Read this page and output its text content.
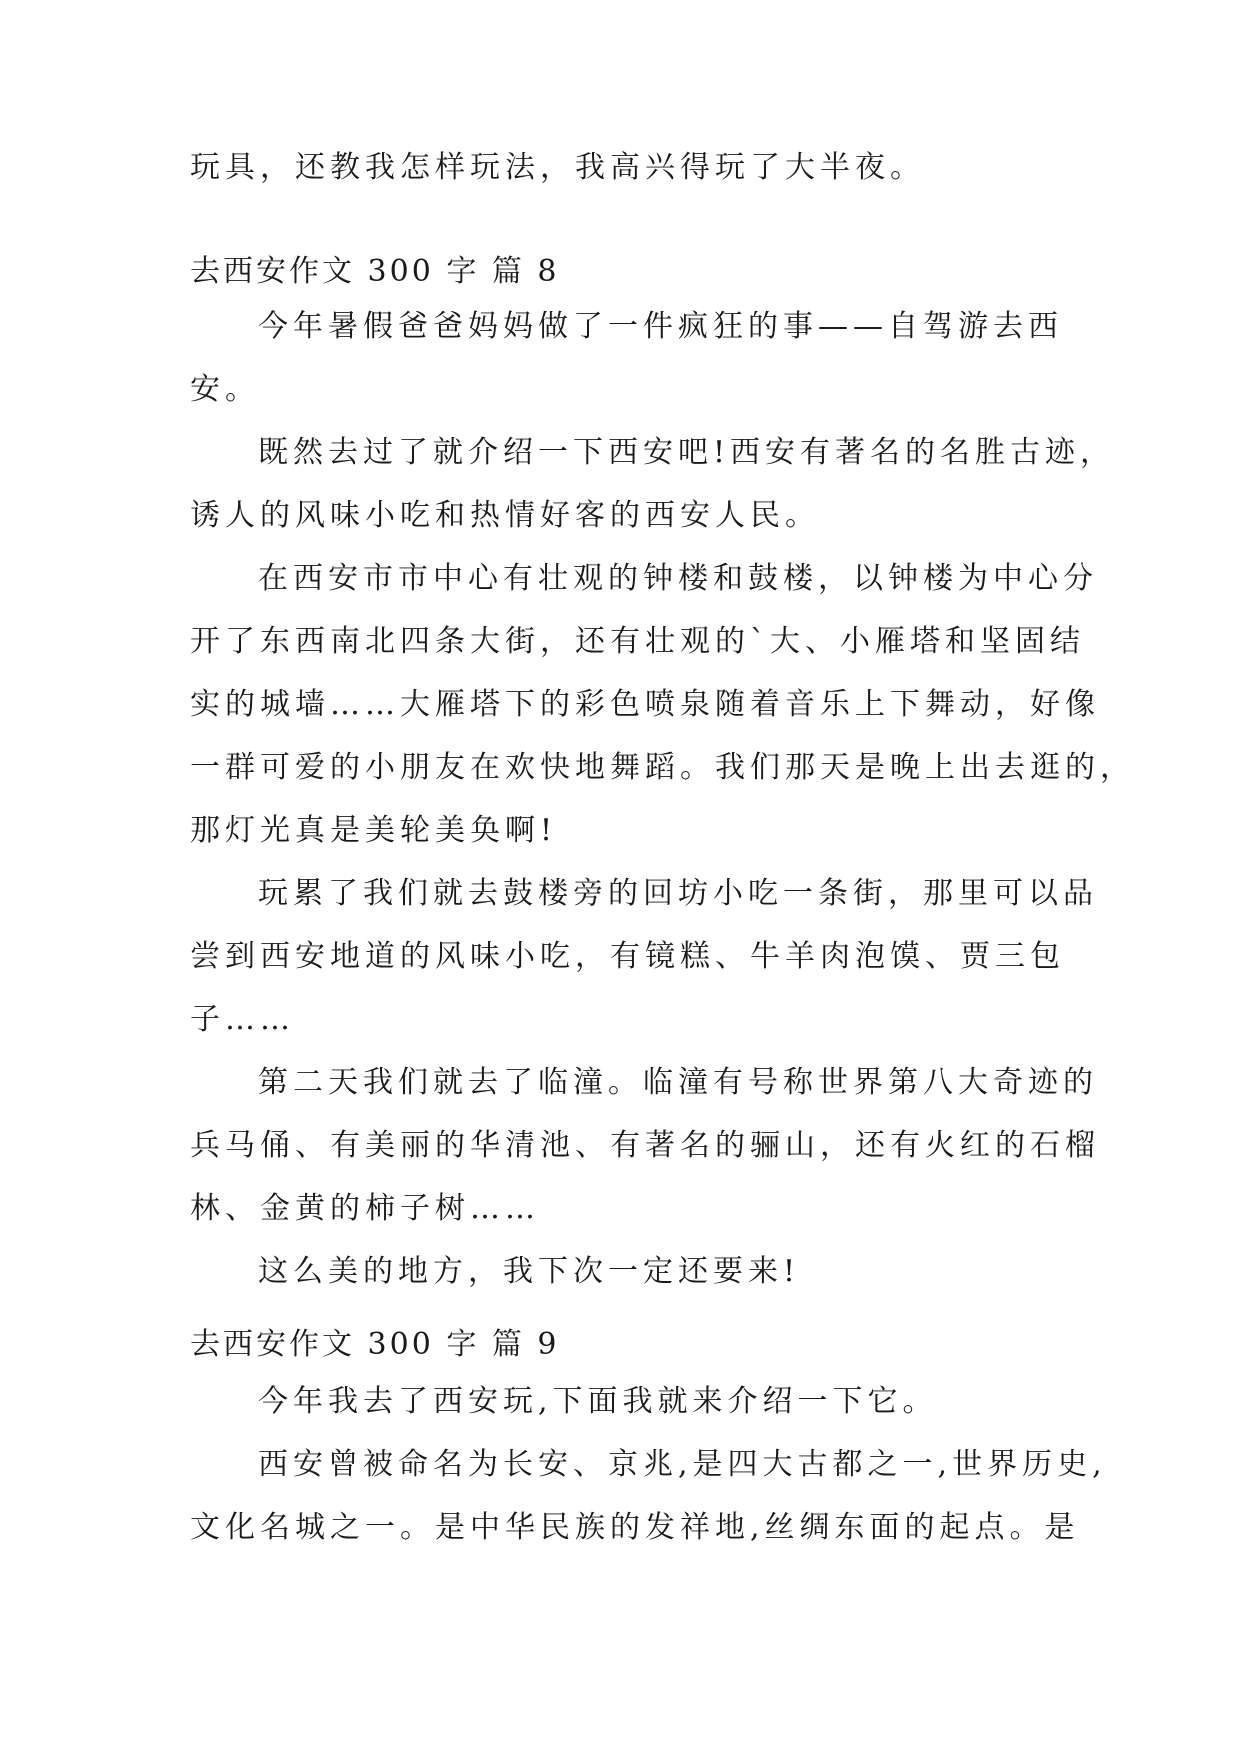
玩具，还教我怎样玩法，我高兴得玩了大半夜。
去西安作文 300 字 篇 8
今年暑假爸爸妈妈做了一件疯狂的事——自驾游去西
安。
既然去过了就介绍一下西安吧!西安有著名的名胜古迹，
诱人的风味小吃和热情好客的西安人民。
在西安市市中心有壮观的钟楼和鼓楼，以钟楼为中心分
开了东西南北四条大街，还有壮观的`大、小雁塔和坚固结
实的城墙……大雁塔下的彩色喷泉随着音乐上下舞动，好像
一群可爱的小朋友在欢快地舞蹈。我们那天是晚上出去逛的，
那灯光真是美轮美奂啊!
玩累了我们就去鼓楼旁的回坊小吃一条街，那里可以品
尝到西安地道的风味小吃，有镜糕、牛羊肉泡馍、贾三包
子……
第二天我们就去了临潼。临潼有号称世界第八大奇迹的
兵马俑、有美丽的华清池、有著名的骊山，还有火红的石榴
林、金黄的柿子树……
这么美的地方，我下次一定还要来!
去西安作文 300 字 篇 9
今年我去了西安玩,下面我就来介绍一下它。
西安曾被命名为长安、京兆,是四大古都之一,世界历史,
文化名城之一。是中华民族的发祥地,丝绸东面的起点。是
